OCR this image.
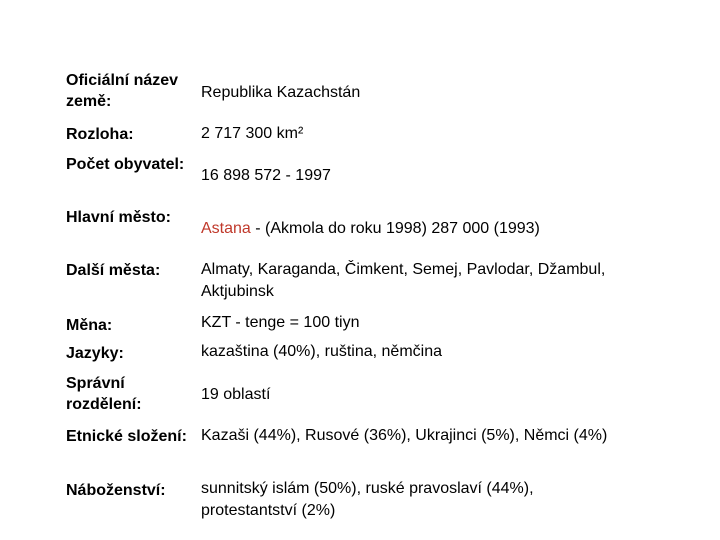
Oficiální název země:
Republika Kazachstán
Rozloha:	2 717 300 km²
Počet obyvatel:
16 898 572 - 1997
Hlavní město:
Astana - (Akmola do roku 1998) 287 000 (1993)
Další města:	Almaty, Karaganda, Čimkent, Semej, Pavlodar, Džambul, Aktjubinsk
Měna:	KZT - tenge = 100 tiyn
Jazyky:	kazaština (40%), ruština, němčina
Správní rozdělení:
19 oblastí
Etnické složení: Kazaši (44%), Rusové (36%), Ukrajinci (5%), Němci (4%)
Náboženství:	sunnitský islám (50%), ruské pravoslaví (44%), protestantství (2%)
